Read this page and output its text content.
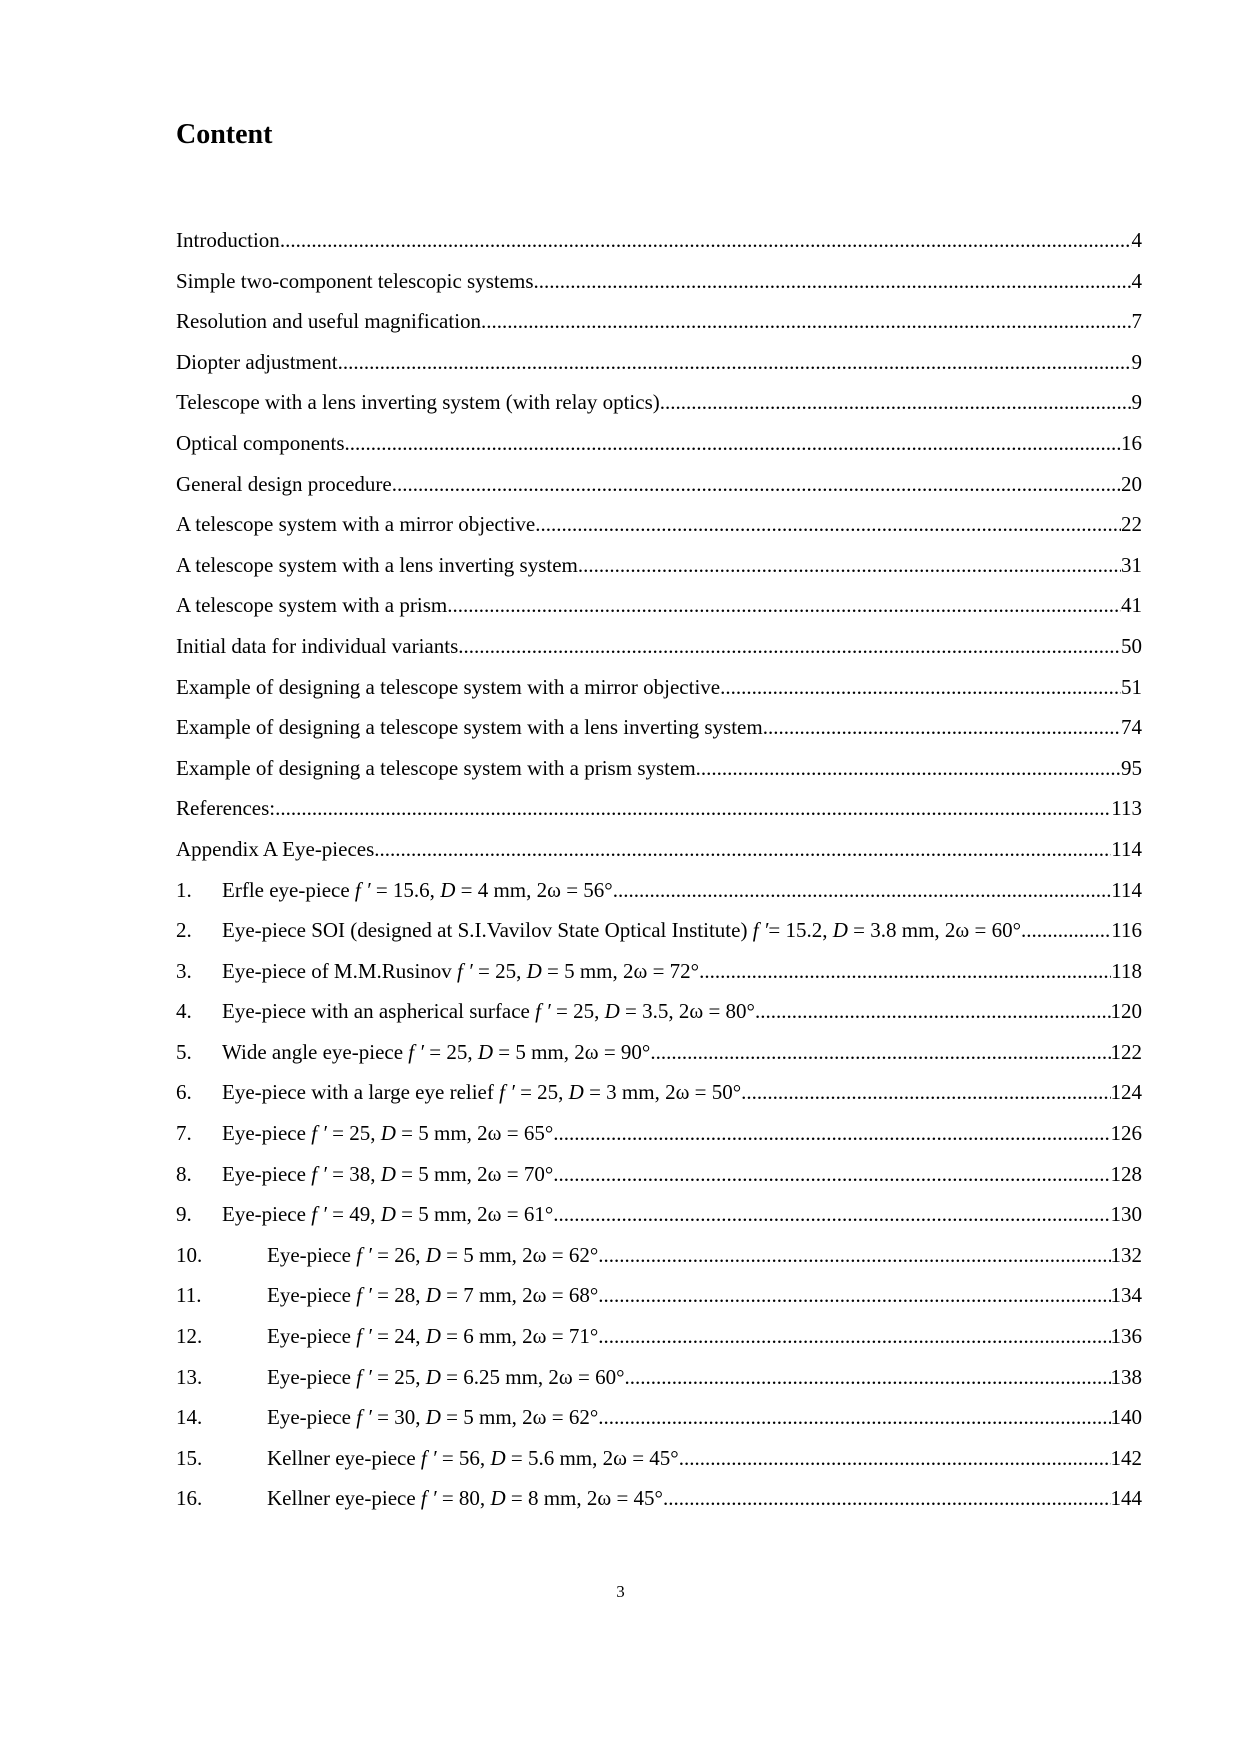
Content
Introduction .....	4
Simple two-component telescopic systems .....	4
Resolution and useful magnification .....	7
Diopter adjustment .....	9
Telescope with a lens inverting system (with relay optics) .....	9
Optical components .....	16
General design procedure .....	20
A telescope system with a mirror objective .....	22
A telescope system with a lens inverting system .....	31
A telescope system with a prism .....	41
Initial data for individual variants .....	50
Example of designing a telescope system with a mirror objective .....	51
Example of designing a telescope system with a lens inverting system .....	74
Example of designing a telescope system with a prism system .....	95
References: .....	113
Appendix A Eye-pieces .....	114
1.	Erfle eye-piece f ′ = 15.6, D = 4 mm, 2ω = 56° .....	114
2.	Eye-piece SOI (designed at S.I.Vavilov State Optical Institute) f ′= 15.2, D = 3.8 mm, 2ω = 60° .....	116
3.	Eye-piece of M.M.Rusinov f ′ = 25, D = 5 mm, 2ω = 72° .....	118
4.	Eye-piece with an aspherical surface f ′ = 25, D = 3.5, 2ω = 80° .....	120
5.	Wide angle eye-piece f ′ = 25, D = 5 mm, 2ω = 90° .....	122
6.	Eye-piece with a large eye relief f ′ = 25, D = 3 mm, 2ω = 50° .....	124
7.	Eye-piece f ′ = 25, D = 5 mm, 2ω = 65° .....	126
8.	Eye-piece f ′ = 38, D = 5 mm, 2ω = 70° .....	128
9.	Eye-piece f ′ = 49, D = 5 mm, 2ω = 61° .....	130
10.	Eye-piece f ′ = 26, D = 5 mm, 2ω = 62° .....	132
11.	Eye-piece f ′ = 28, D = 7 mm, 2ω = 68° .....	134
12.	Eye-piece f ′ = 24, D = 6 mm, 2ω = 71° .....	136
13.	Eye-piece f ′ = 25, D = 6.25 mm, 2ω = 60° .....	138
14.	Eye-piece f ′ = 30, D = 5 mm, 2ω = 62° .....	140
15.	Kellner eye-piece f ′ = 56, D = 5.6 mm, 2ω = 45° .....	142
16.	Kellner eye-piece f ′ = 80, D = 8 mm, 2ω = 45° .....	144
3
